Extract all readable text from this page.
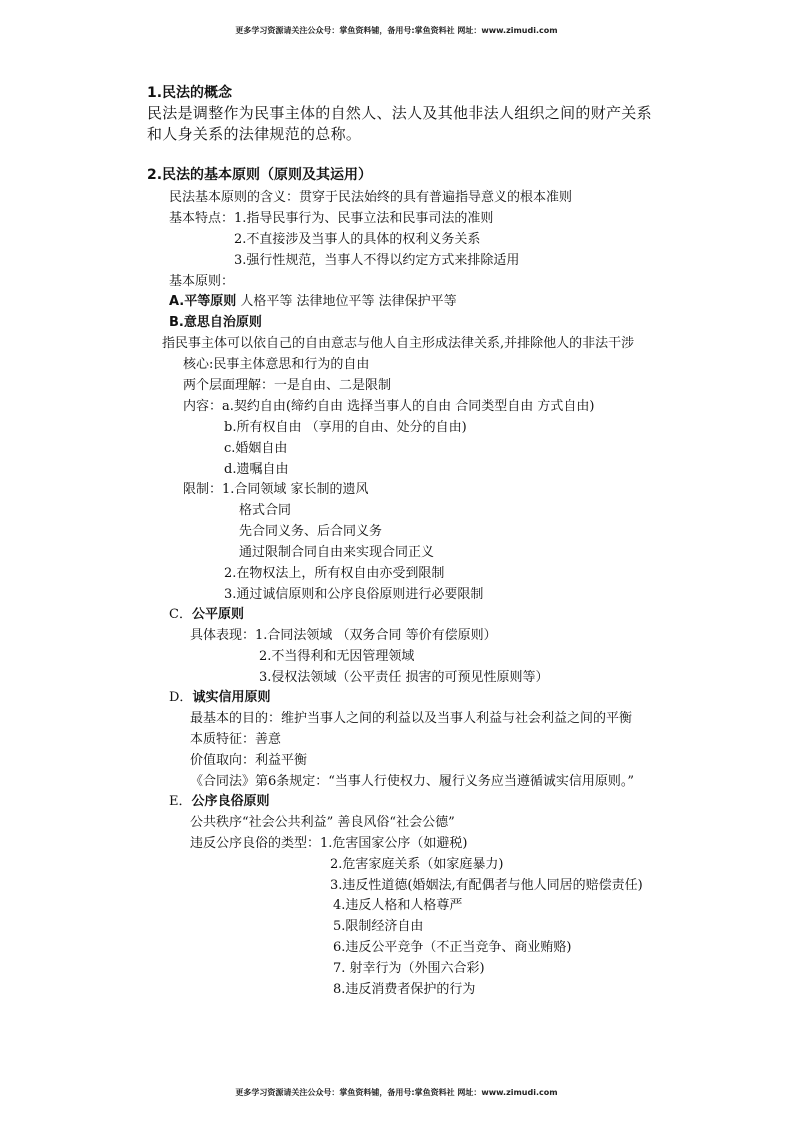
更多学习资源请关注公众号：掌鱼资料铺，备用号:掌鱼资料社 网址：www.zimudi.com
1.民法的概念
民法是调整作为民事主体的自然人、法人及其他非法人组织之间的财产关系
和人身关系的法律规范的总称。
2.民法的基本原则（原则及其运用）
民法基本原则的含义：贯穿于民法始终的具有普遍指导意义的根本准则
基本特点：1.指导民事行为、民事立法和民事司法的准则
2.不直接涉及当事人的具体的权利义务关系
3.强行性规范，当事人不得以约定方式来排除适用
基本原则：
A.平等原则 人格平等 法律地位平等 法律保护平等
B.意思自治原则
指民事主体可以依自己的自由意志与他人自主形成法律关系,并排除他人的非法干涉
核心:民事主体意思和行为的自由
两个层面理解：一是自由、二是限制
内容：a.契约自由(缔约自由 选择当事人的自由 合同类型自由 方式自由)
b.所有权自由 （享用的自由、处分的自由)
c.婚姻自由
d.遗嘱自由
限制：1.合同领域 家长制的遗风
格式合同
先合同义务、后合同义务
通过限制合同自由来实现合同正义
2.在物权法上，所有权自由亦受到限制
3.通过诚信原则和公序良俗原则进行必要限制
C．公平原则
具体表现：1.合同法领域 （双务合同 等价有偿原则）
2.不当得利和无因管理领域
3.侵权法领域（公平责任 损害的可预见性原则等）
D．诚实信用原则
最基本的目的：维护当事人之间的利益以及当事人利益与社会利益之间的平衡
本质特征：善意
价值取向：利益平衡
《合同法》第6条规定：“当事人行使权力、履行义务应当遵循诚实信用原则。”
E．公序良俗原则
公共秩序“社会公共利益” 善良风俗“社会公德”
违反公序良俗的类型：1.危害国家公序（如避税)
2.危害家庭关系（如家庭暴力)
3.违反性道德(婚姻法,有配偶者与他人同居的赔偿责任)
4.违反人格和人格尊严
5.限制经济自由
6.违反公平竞争（不正当竞争、商业贿赂)
7. 射幸行为（外围六合彩)
8.违反消费者保护的行为
更多学习资源请关注公众号：掌鱼资料铺，备用号:掌鱼资料社 网址：www.zimudi.com
